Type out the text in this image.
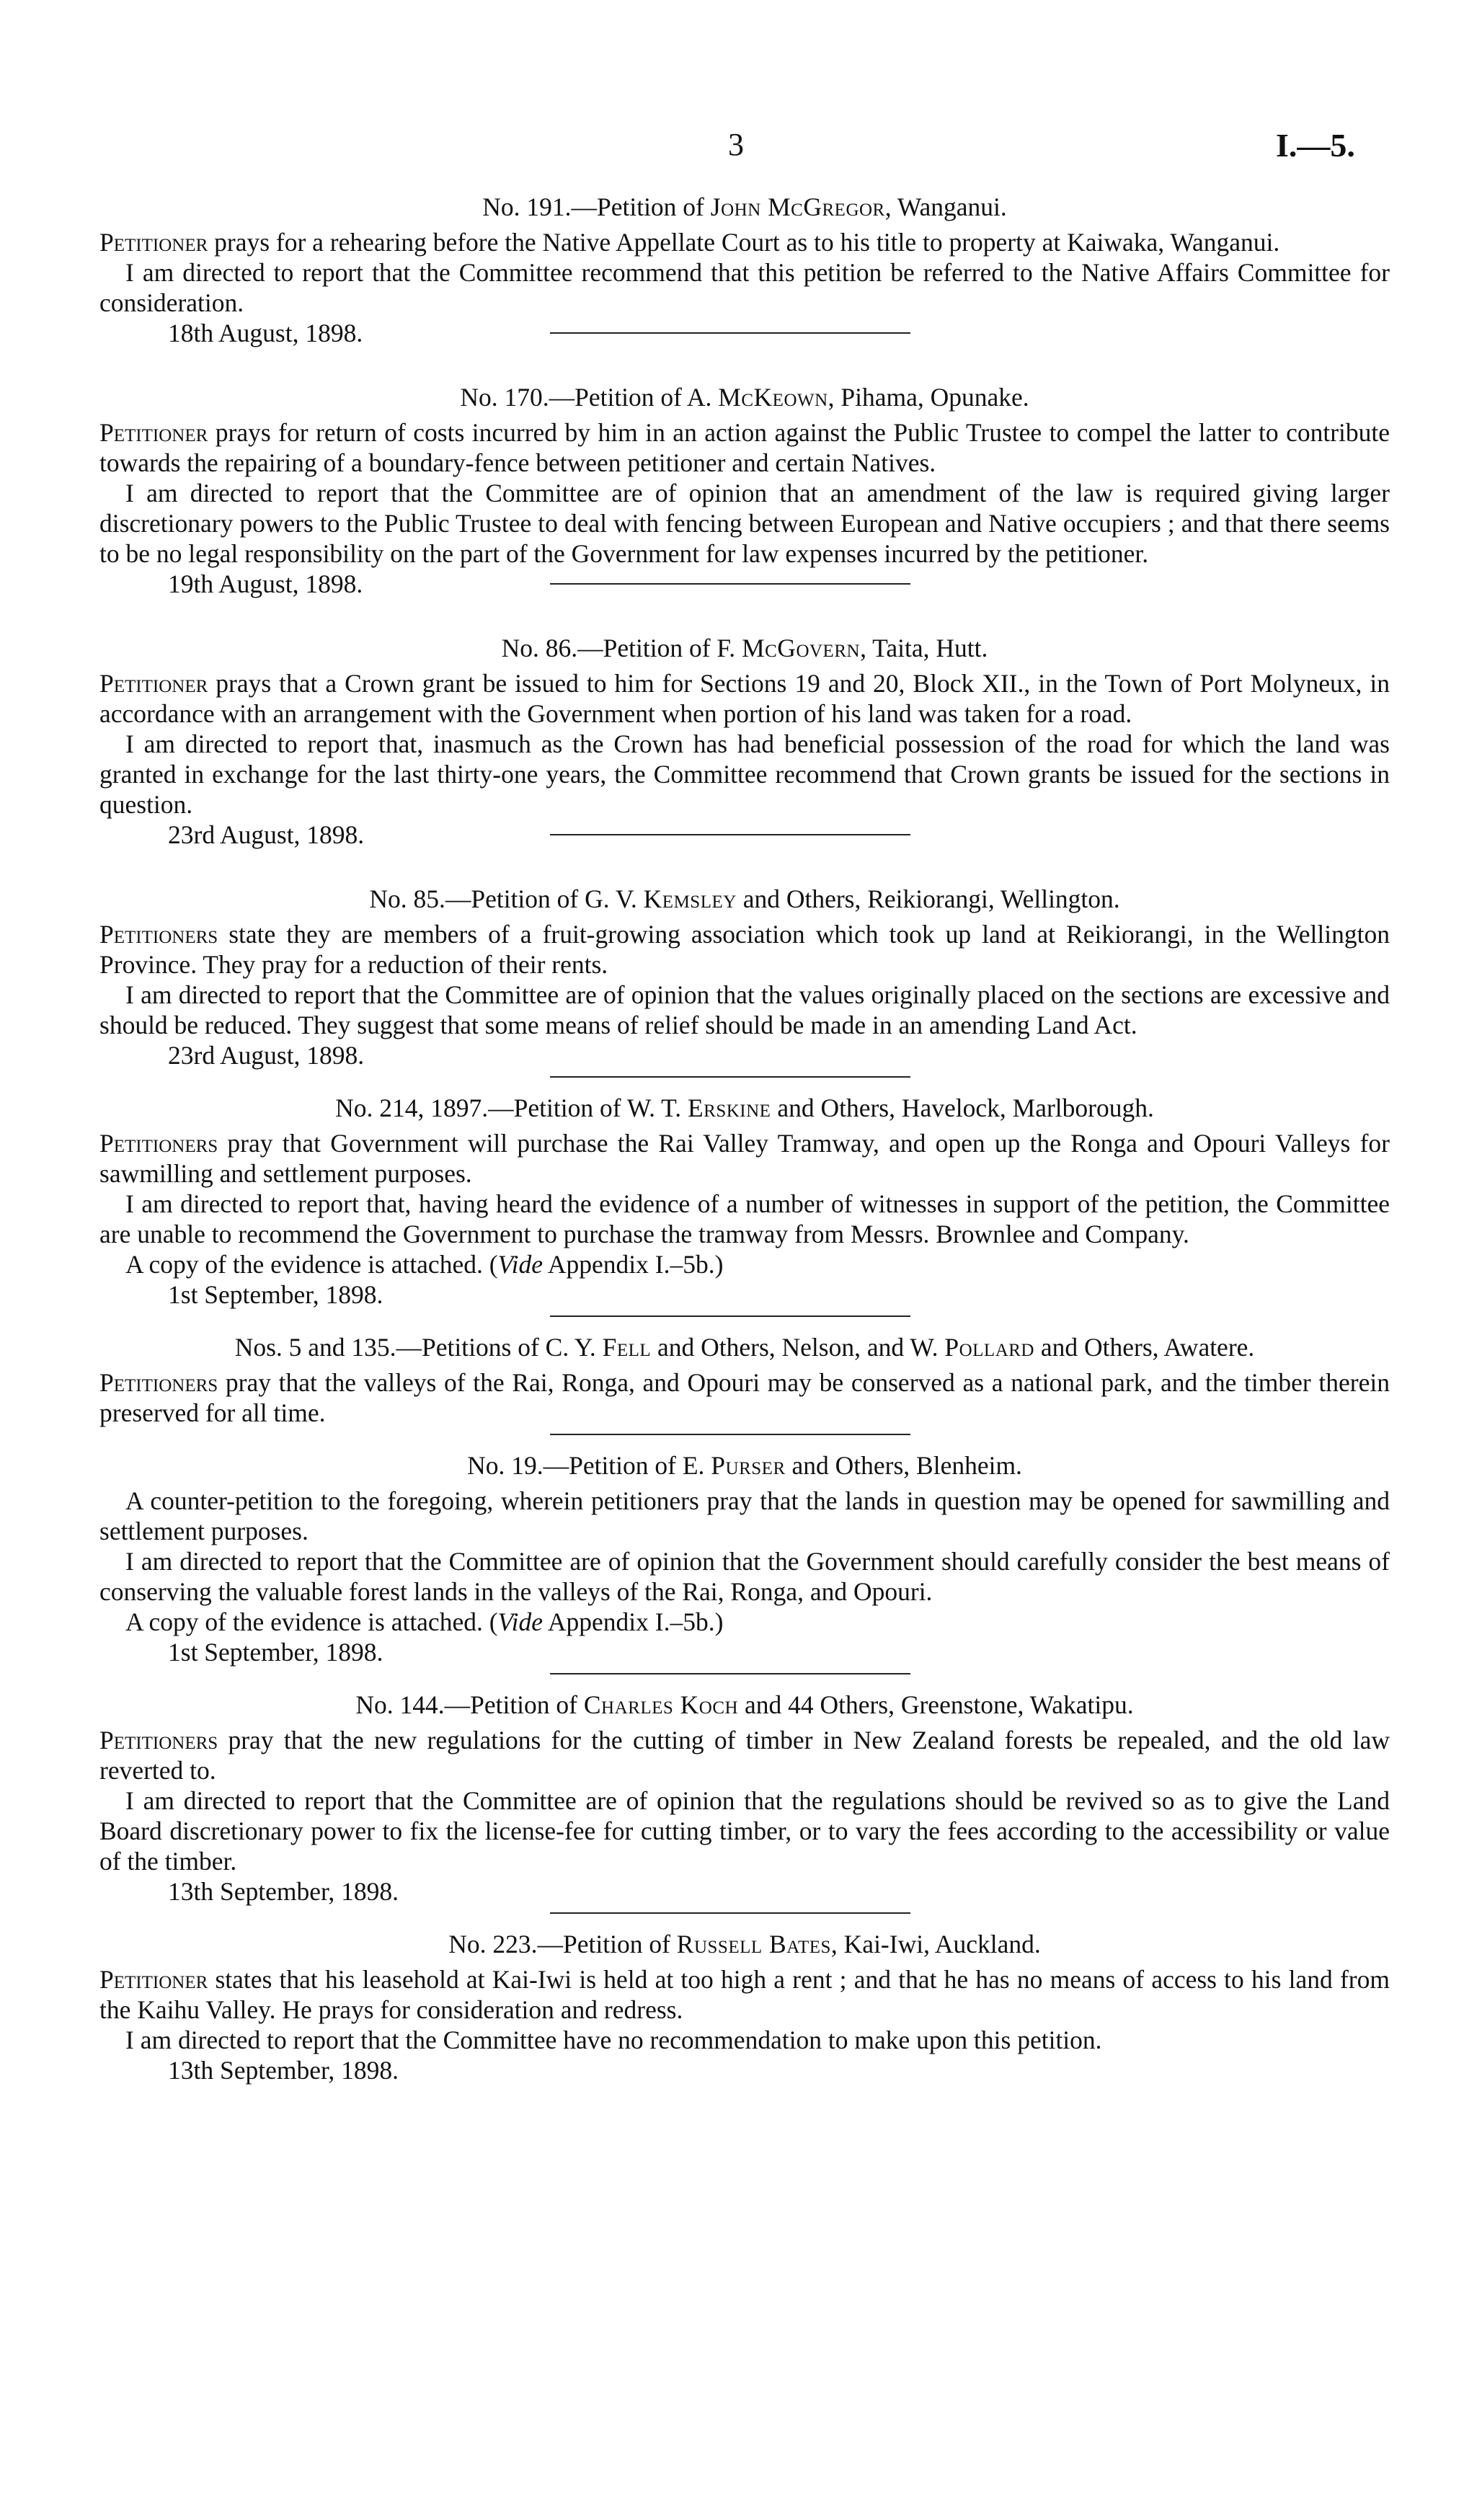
3	I.—5.

No. 191.—Petition of John McGregor, Wanganui.

Petitioner prays for a rehearing before the Native Appellate Court as to his title to property at Kaiwaka, Wanganui.

I am directed to report that the Committee recommend that this petition be referred to the Native Affairs Committee for consideration.

18th August, 1898.

No. 170.—Petition of A. McKeown, Pihama, Opunake.

Petitioner prays for return of costs incurred by him in an action against the Public Trustee to compel the latter to contribute towards the repairing of a boundary-fence between petitioner and certain Natives.

I am directed to report that the Committee are of opinion that an amendment of the law is required giving larger discretionary powers to the Public Trustee to deal with fencing between European and Native occupiers ; and that there seems to be no legal responsibility on the part of the Government for law expenses incurred by the petitioner.

19th August, 1898.

No. 86.—Petition of F. McGovern, Taita, Hutt.

Petitioner prays that a Crown grant be issued to him for Sections 19 and 20, Block XII., in the Town of Port Molyneux, in accordance with an arrangement with the Government when portion of his land was taken for a road.

I am directed to report that, inasmuch as the Crown has had beneficial possession of the road for which the land was granted in exchange for the last thirty-one years, the Committee recommend that Crown grants be issued for the sections in question.

23rd August, 1898.

No. 85.—Petition of G. V. Kemsley and Others, Reikiorangi, Wellington.

Petitioners state they are members of a fruit-growing association which took up land at Reikiorangi, in the Wellington Province. They pray for a reduction of their rents.

I am directed to report that the Committee are of opinion that the values originally placed on the sections are excessive and should be reduced. They suggest that some means of relief should be made in an amending Land Act.

23rd August, 1898.

No. 214, 1897.—Petition of W. T. Erskine and Others, Havelock, Marlborough.

Petitioners pray that Government will purchase the Rai Valley Tramway, and open up the Ronga and Opouri Valleys for sawmilling and settlement purposes.

I am directed to report that, having heard the evidence of a number of witnesses in support of the petition, the Committee are unable to recommend the Government to purchase the tramway from Messrs. Brownlee and Company.

A copy of the evidence is attached. (Vide Appendix I.–5b.)

1st September, 1898.

Nos. 5 and 135.—Petitions of C. Y. Fell and Others, Nelson, and W. Pollard and Others, Awatere.

Petitioners pray that the valleys of the Rai, Ronga, and Opouri may be conserved as a national park, and the timber therein preserved for all time.

No. 19.—Petition of E. Purser and Others, Blenheim.

A counter-petition to the foregoing, wherein petitioners pray that the lands in question may be opened for sawmilling and settlement purposes.

I am directed to report that the Committee are of opinion that the Government should carefully consider the best means of conserving the valuable forest lands in the valleys of the Rai, Ronga, and Opouri.

A copy of the evidence is attached. (Vide Appendix I.–5b.)

1st September, 1898.

No. 144.—Petition of Charles Koch and 44 Others, Greenstone, Wakatipu.

Petitioners pray that the new regulations for the cutting of timber in New Zealand forests be repealed, and the old law reverted to.

I am directed to report that the Committee are of opinion that the regulations should be revived so as to give the Land Board discretionary power to fix the license-fee for cutting timber, or to vary the fees according to the accessibility or value of the timber.

13th September, 1898.

No. 223.—Petition of Russell Bates, Kai-Iwi, Auckland.

Petitioner states that his leasehold at Kai-Iwi is held at too high a rent ; and that he has no means of access to his land from the Kaihu Valley. He prays for consideration and redress.

I am directed to report that the Committee have no recommendation to make upon this petition.

13th September, 1898.
